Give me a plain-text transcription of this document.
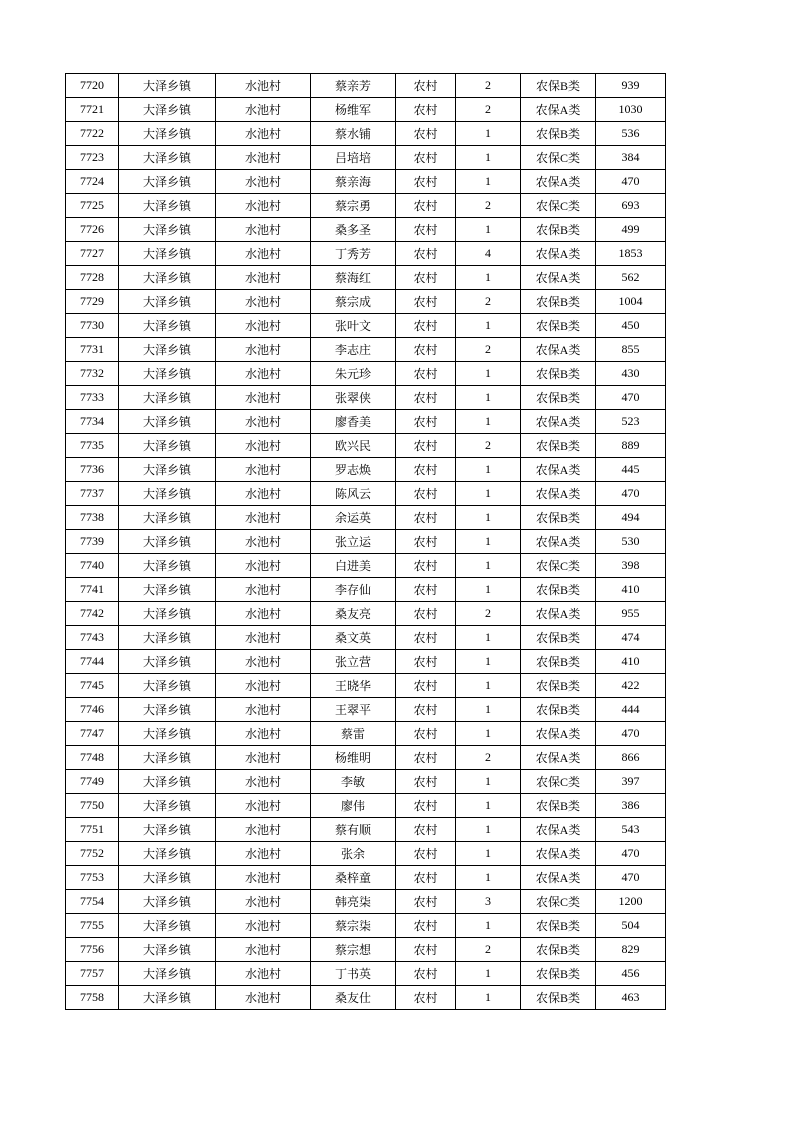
7720	大泽乡镇	水池村	蔡亲芳	农村	2	农保B类	939
7721	大泽乡镇	水池村	杨维军	农村	2	农保A类	1030
7722	大泽乡镇	水池村	蔡水铺	农村	1	农保B类	536
7723	大泽乡镇	水池村	吕培培	农村	1	农保C类	384
7724	大泽乡镇	水池村	蔡亲海	农村	1	农保A类	470
7725	大泽乡镇	水池村	蔡宗勇	农村	2	农保C类	693
7726	大泽乡镇	水池村	桑多圣	农村	1	农保B类	499
7727	大泽乡镇	水池村	丁秀芳	农村	4	农保A类	1853
7728	大泽乡镇	水池村	蔡海红	农村	1	农保A类	562
7729	大泽乡镇	水池村	蔡宗成	农村	2	农保B类	1004
7730	大泽乡镇	水池村	张叶文	农村	1	农保B类	450
7731	大泽乡镇	水池村	李志庄	农村	2	农保A类	855
7732	大泽乡镇	水池村	朱元珍	农村	1	农保B类	430
7733	大泽乡镇	水池村	张翠侠	农村	1	农保B类	470
7734	大泽乡镇	水池村	廖香美	农村	1	农保A类	523
7735	大泽乡镇	水池村	欧兴民	农村	2	农保B类	889
7736	大泽乡镇	水池村	罗志焕	农村	1	农保A类	445
7737	大泽乡镇	水池村	陈风云	农村	1	农保A类	470
7738	大泽乡镇	水池村	余运英	农村	1	农保B类	494
7739	大泽乡镇	水池村	张立运	农村	1	农保A类	530
7740	大泽乡镇	水池村	白进美	农村	1	农保C类	398
7741	大泽乡镇	水池村	李存仙	农村	1	农保B类	410
7742	大泽乡镇	水池村	桑友亮	农村	2	农保A类	955
7743	大泽乡镇	水池村	桑文英	农村	1	农保B类	474
7744	大泽乡镇	水池村	张立营	农村	1	农保B类	410
7745	大泽乡镇	水池村	王晓华	农村	1	农保B类	422
7746	大泽乡镇	水池村	王翠平	农村	1	农保B类	444
7747	大泽乡镇	水池村	蔡雷	农村	1	农保A类	470
7748	大泽乡镇	水池村	杨维明	农村	2	农保A类	866
7749	大泽乡镇	水池村	李敏	农村	1	农保C类	397
7750	大泽乡镇	水池村	廖伟	农村	1	农保B类	386
7751	大泽乡镇	水池村	蔡有顺	农村	1	农保A类	543
7752	大泽乡镇	水池村	张余	农村	1	农保A类	470
7753	大泽乡镇	水池村	桑梓童	农村	1	农保A类	470
7754	大泽乡镇	水池村	韩亮柒	农村	3	农保C类	1200
7755	大泽乡镇	水池村	蔡宗柒	农村	1	农保B类	504
7756	大泽乡镇	水池村	蔡宗想	农村	2	农保B类	829
7757	大泽乡镇	水池村	丁书英	农村	1	农保B类	456
7758	大泽乡镇	水池村	桑友仕	农村	1	农保B类	463
